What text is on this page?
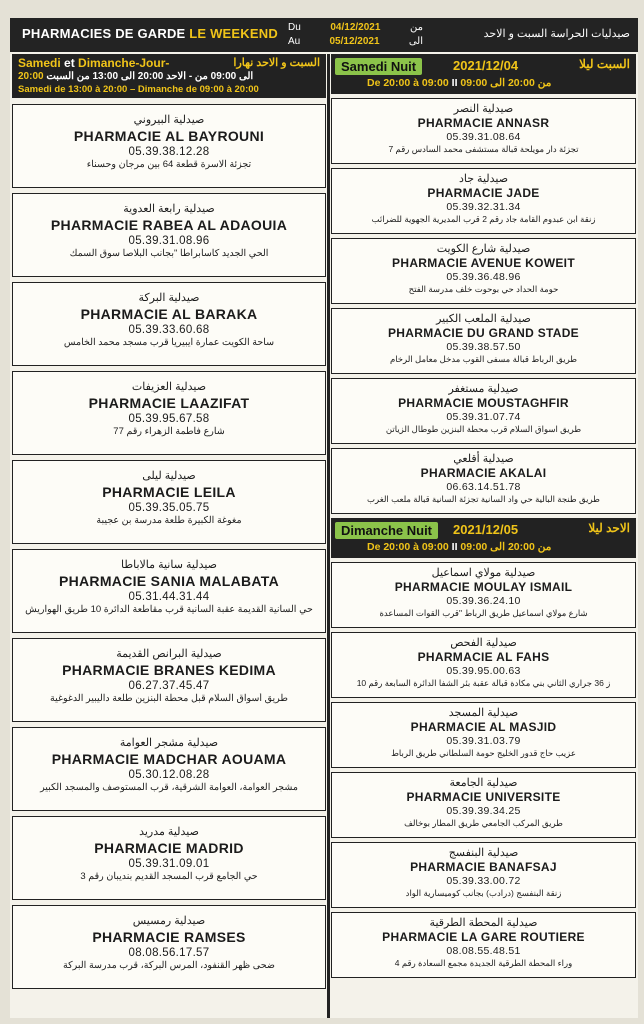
PHARMACIES DE GARDE LE WEEKEND Du	04/12/2021	من
Au	05/12/2021	الى
صيدليات الحراسة السبت و الاحد
Samedi et Dimanche-Jour-	السبت و الاحد نهارا
20:00 الى 09:00 من - الاحد 20:00 الى 13:00 من السبت
Samedi de 13:00 à 20:00 – Dimanche de 09:00 à 20:00
صيدلية البيروني
PHARMACIE AL BAYROUNI
05.39.38.12.28
تجزئة الاسرة قطعة 64 بين مرجان وحسناء
صيدلية رابعة العدوية
PHARMACIE RABEA AL ADAOUIA
05.39.31.08.96
الحي الجديد كاسابراطا "بجانب البلاصا سوق السمك
صيدلية البركة
PHARMACIE AL BARAKA
05.39.33.60.68
ساحة الكويت عمارة ايبيريا قرب مسجد محمد الخامس
صيدلية العزيفات
PHARMACIE LAAZIFAT
05.39.95.67.58
شارع فاطمة الزهراء رقم 77
صيدلية ليلى
PHARMACIE LEILA
05.39.35.05.75
مغوغة الكبيرة طلعة مدرسة بن عجيبة
صيدلية سانية مالاباطا
PHARMACIE SANIA MALABATA
05.31.44.31.44
حي السانية القديمة عقبة السانية قرب مقاطعة الدائرة 10 طريق الهواريش
صيدلية البرانص القديمة
PHARMACIE BRANES KEDIMA
06.27.37.45.47
طريق أسواق السلام قبل محطة البنزين طلعة داليبير الدغوغية
صيدلية مشجر العوامة
PHARMACIE MADCHAR AOUAMA
05.30.12.08.28
مشجر العوامة، العوامة الشرقية، قرب المستوصف والمسجد الكبير
صيدلية مدريد
PHARMACIE MADRID
05.39.31.09.01
حي الجامع قرب المسجد القديم بنديبان رقم 3
صيدلية رمسيس
PHARMACIE RAMSES
08.08.56.17.57
ضحى ظهر القنفود، المرس البركة، قرب مدرسة البركة
Samedi Nuit	2021/12/04	السبت ليلا
De 20:00 à 09:00 II من 20:00 الى 09:00
صيدلية النصر
PHARMACIE ANNASR
05.39.31.08.64
تجزئة دار مويلحة قبالة مستشفى محمد السادس رقم 7
صيدلية جاد
PHARMACIE JADE
05.39.32.31.34
زنقة ابن عبدوم القامة جاد رقم 2 قرب المديرية الجهوية للضرائب
صيدلية شارع الكويت
PHARMACIE AVENUE KOWEIT
05.39.36.48.96
حومة الحداد حي بوحوت خلف مدرسة الفتح
صيدلية الملعب الكبير
PHARMACIE DU GRAND STADE
05.39.38.57.50
طريق الرباط قبالة مسفى القوب مدخل معامل الرخام
صيدلية مستغفر
PHARMACIE MOUSTAGHFIR
05.39.31.07.74
طريق اسواق السلام قرب محطة البنزين طوطال الزياتن
صيدلية أقلعي
PHARMACIE AKALAI
06.63.14.51.78
طريق طنجة البالية حي واد السانية تجزئة السانية قبالة ملعب الغرب
Dimanche Nuit	2021/12/05	الاحد ليلا
De 20:00 à 09:00 II من 20:00 الى 09:00
صيدلية مولاي اسماعيل
PHARMACIE MOULAY ISMAIL
05.39.36.24.10
شارع مولاي اسماعيل طريق الرباط "قرب القوات المساعدة
صيدلية الفحص
PHARMACIE AL FAHS
05.39.95.00.63
ز 36 جراري الثاني بني مكادة قبالة عقبة بئر الشفا الدائرة السابعة رقم 10
صيدلية المسجد
PHARMACIE AL MASJID
05.39.31.03.79
عزيب حاج قدور الخليج حومة السلطاني طريق الرباط
صيدلية الجامعة
PHARMACIE UNIVERSITE
05.39.39.34.25
طريق المركب الجامعي طريق المطار بوخالف
صيدلية البنفسج
PHARMACIE BANAFSAJ
05.39.33.00.72
زنقة البنفسج (درادب) بجانب كوميسارية الواد
صيدلية المحطة الطرقية
PHARMACIE LA GARE ROUTIERE
08.08.55.48.51
وراء المحطة الطرقية الجديدة مجمع السعادة رقم 4
